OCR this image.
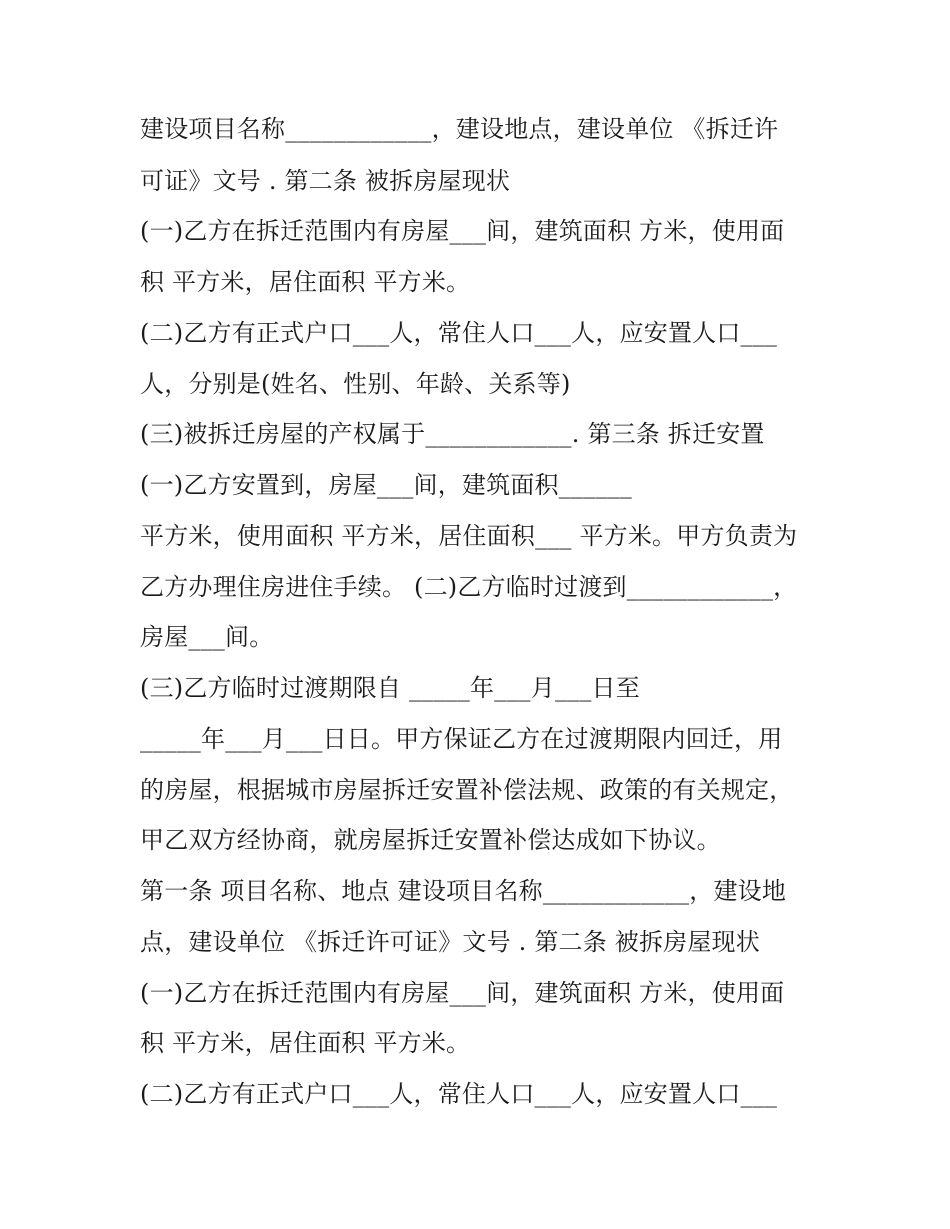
建设项目名称____________，建设地点，建设单位 《拆迁许
可证》文号 . 第二条 被拆房屋现状
(一)乙方在拆迁范围内有房屋___间，建筑面积 方米，使用面
积 平方米，居住面积 平方米。
(二)乙方有正式户口___人，常住人口___人，应安置人口___
人，分别是(姓名、性别、年龄、关系等)
(三)被拆迁房屋的产权属于____________. 第三条 拆迁安置
(一)乙方安置到，房屋___间，建筑面积______
平方米，使用面积 平方米，居住面积___ 平方米。甲方负责为
乙方办理住房进住手续。 (二)乙方临时过渡到____________，
房屋___间。
(三)乙方临时过渡期限自 _____年___月___日至
_____年___月___日日。甲方保证乙方在过渡期限内回迁，用
的房屋，根据城市房屋拆迁安置补偿法规、政策的有关规定，
甲乙双方经协商，就房屋拆迁安置补偿达成如下协议。
第一条 项目名称、地点 建设项目名称____________，建设地
点，建设单位 《拆迁许可证》文号 . 第二条 被拆房屋现状
(一)乙方在拆迁范围内有房屋___间，建筑面积 方米，使用面
积 平方米，居住面积 平方米。
(二)乙方有正式户口___人，常住人口___人，应安置人口___
